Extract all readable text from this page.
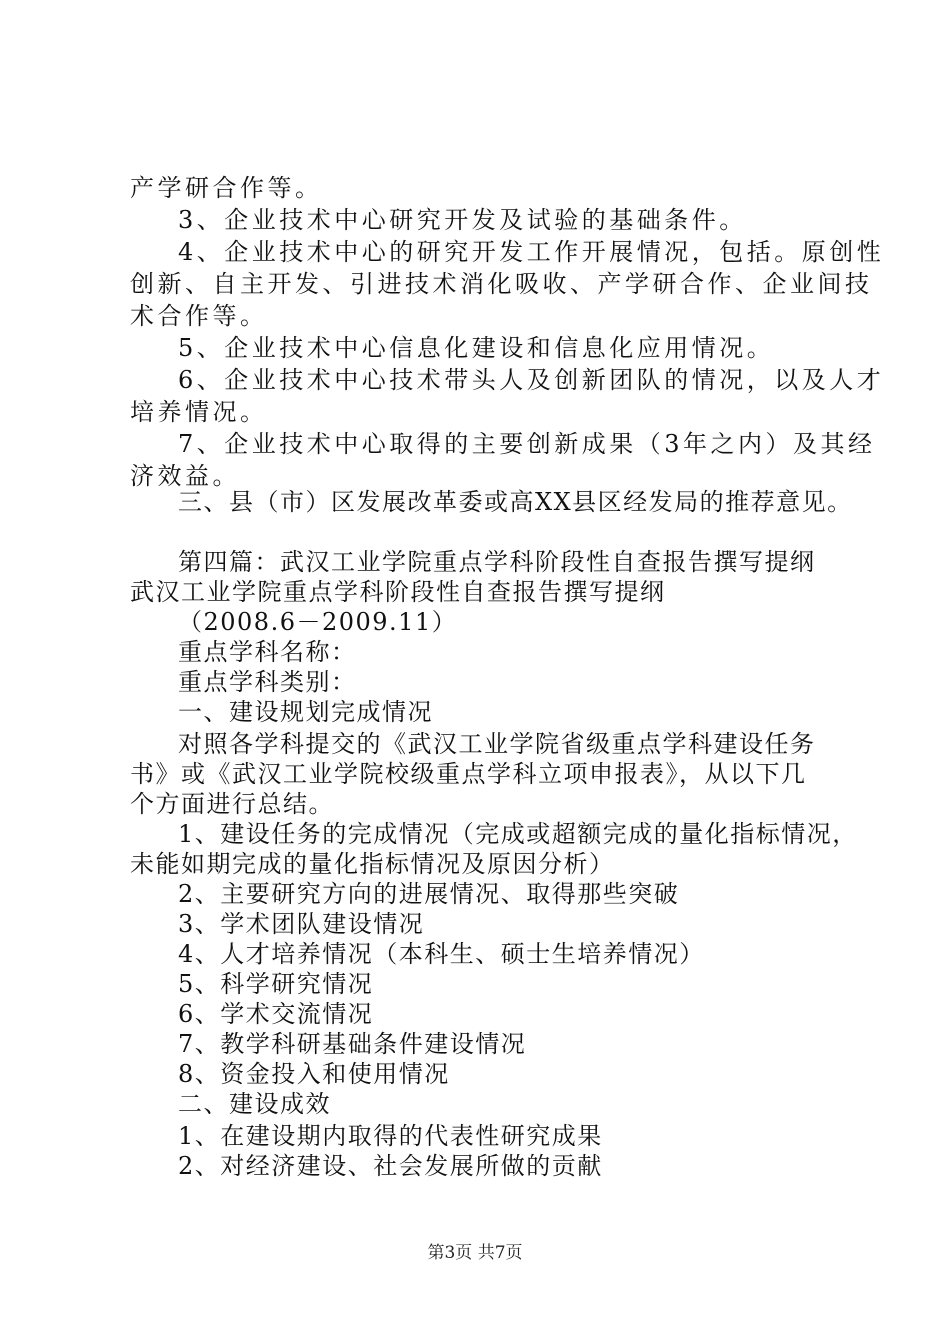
产学研合作等。
3、企业技术中心研究开发及试验的基础条件。
4、企业技术中心的研究开发工作开展情况，包括。原创性
创新、自主开发、引进技术消化吸收、产学研合作、企业间技
术合作等。
5、企业技术中心信息化建设和信息化应用情况。
6、企业技术中心技术带头人及创新团队的情况，以及人才
培养情况。
7、企业技术中心取得的主要创新成果（3年之内）及其经
济效益。
三、县（市）区发展改革委或高XX县区经发局的推荐意见。
第四篇：武汉工业学院重点学科阶段性自查报告撰写提纲
武汉工业学院重点学科阶段性自查报告撰写提纲
（2008.6－2009.11）
重点学科名称：
重点学科类别：
一、建设规划完成情况
对照各学科提交的《武汉工业学院省级重点学科建设任务
书》或《武汉工业学院校级重点学科立项申报表》，从以下几
个方面进行总结。
1、建设任务的完成情况（完成或超额完成的量化指标情况，
未能如期完成的量化指标情况及原因分析）
2、主要研究方向的进展情况、取得那些突破
3、学术团队建设情况
4、人才培养情况（本科生、硕士生培养情况）
5、科学研究情况
6、学术交流情况
7、教学科研基础条件建设情况
8、资金投入和使用情况
二、建设成效
1、在建设期内取得的代表性研究成果
2、对经济建设、社会发展所做的贡献
第3页 共7页
